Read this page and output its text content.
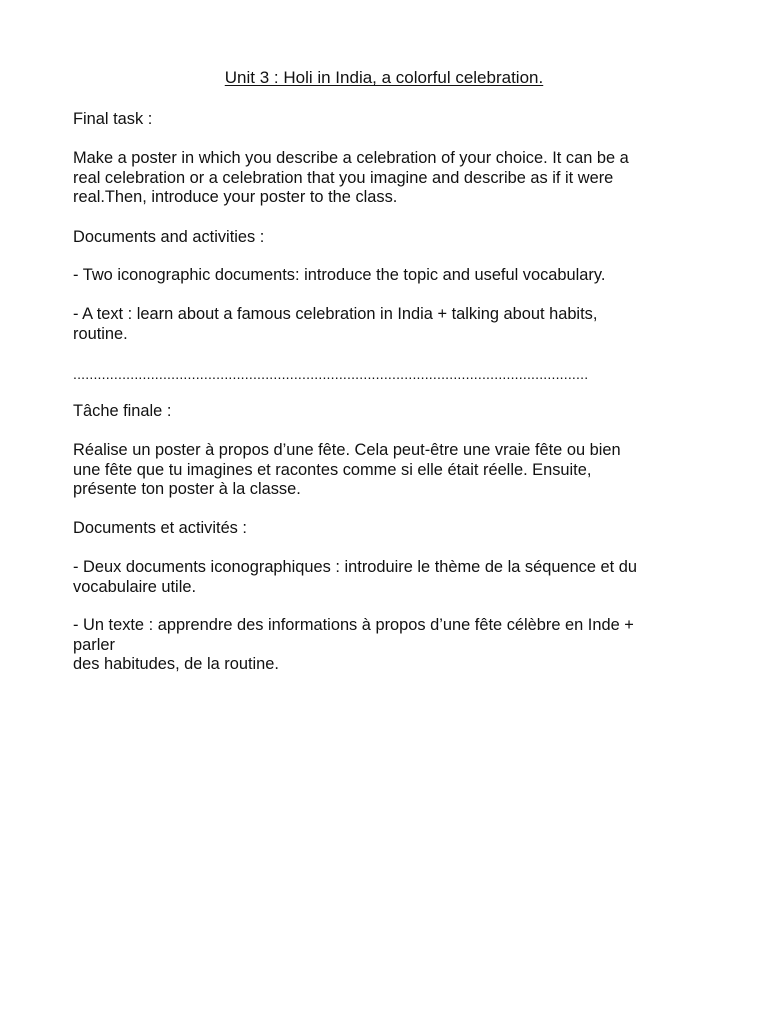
Unit 3 : Holi in India, a colorful celebration.
Final task :
Make a poster in which you describe a celebration of your choice. It can be a
real celebration or a celebration that you imagine and describe as if it were
real.Then, introduce your poster to the class.
Documents and activities :
- Two iconographic documents: introduce the topic and useful vocabulary.
- A text : learn about a famous celebration in India + talking about habits,
routine.
..............................................................................................................................
Tâche finale :
Réalise un poster à propos d’une fête. Cela peut-être une vraie fête ou bien
une fête que tu imagines et racontes comme si elle était réelle. Ensuite,
présente ton poster à la classe.
Documents et activités :
- Deux documents iconographiques : introduire le thème de la séquence et du
vocabulaire utile.
- Un texte : apprendre des informations à propos d’une fête célèbre en Inde +
parler
des habitudes, de la routine.
